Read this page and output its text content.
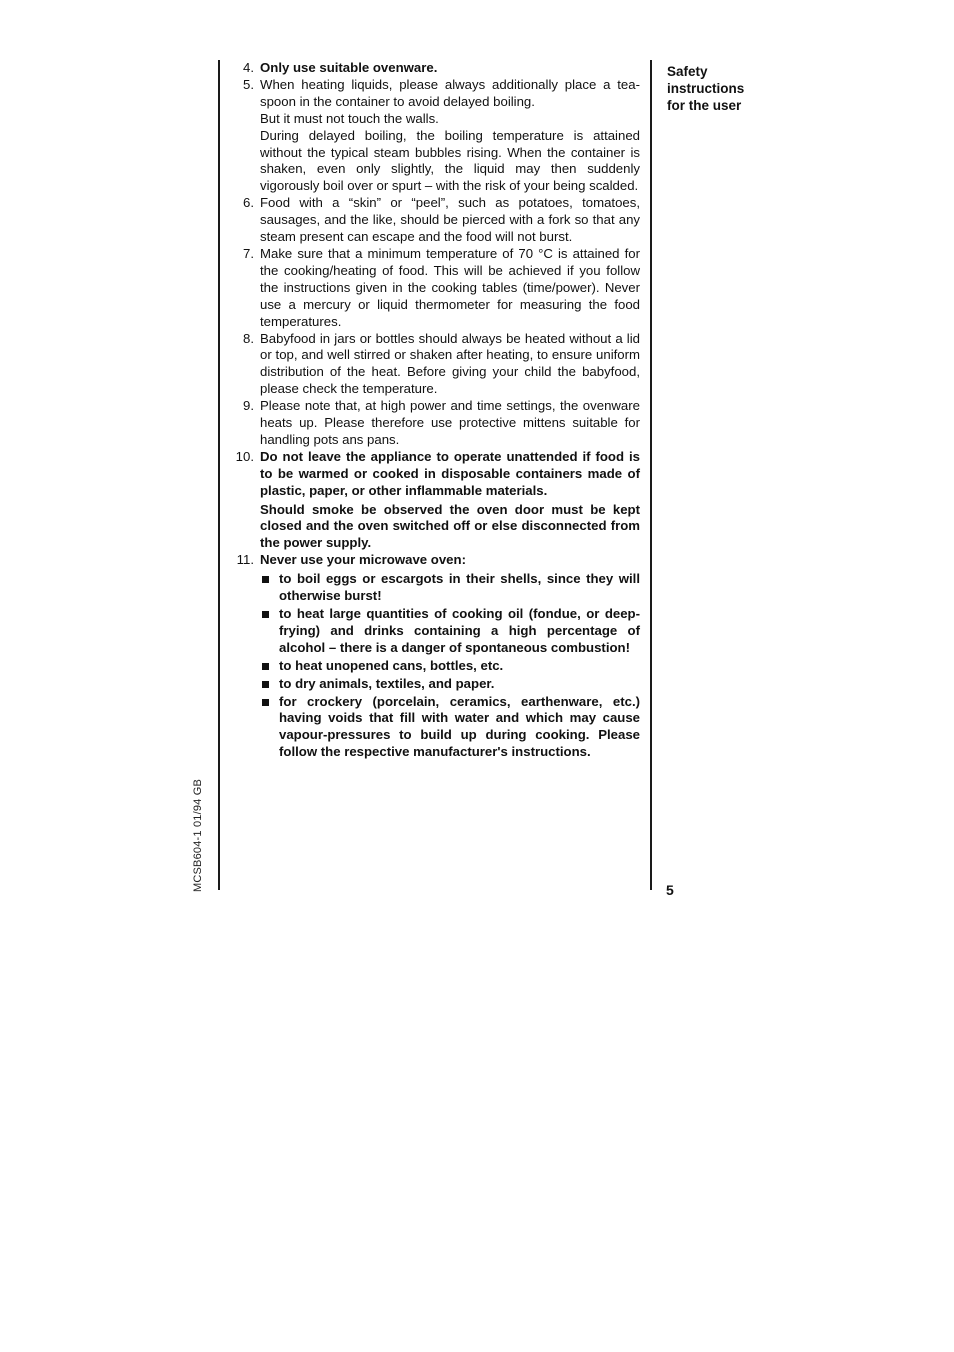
MCSB604-1 01/94 GB
4. Only use suitable ovenware.

5. When heating liquids, please always additionally place a tea-spoon in the container to avoid delayed boiling.

But it must not touch the walls.

During delayed boiling, the boiling temperature is attained without the typical steam bubbles rising. When the container is shaken, even only slightly, the liquid may then suddenly vigorously boil over or spurt – with the risk of your being scalded.

6. Food with a “skin” or “peel”, such as potatoes, tomatoes, sausages, and the like, should be pierced with a fork so that any steam present can escape and the food will not burst.

7. Make sure that a minimum temperature of 70 °C is attained for the cooking/heating of food. This will be achieved if you follow the instructions given in the cooking tables (time/power). Never use a mercury or liquid thermometer for measuring the food temperatures.

8. Babyfood in jars or bottles should always be heated without a lid or top, and well stirred or shaken after heating, to ensure uniform distribution of the heat. Before giving your child the babyfood, please check the temperature.

9. Please note that, at high power and time settings, the ovenware heats up. Please therefore use protective mittens suitable for handling pots ans pans.

10. Do not leave the appliance to operate unattended if food is to be warmed or cooked in disposable containers made of plastic, paper, or other inflammable materials.

Should smoke be observed the oven door must be kept closed and the oven switched off or else disconnected from the power supply.

11. Never use your microwave oven:

to boil eggs or escargots in their shells, since they will otherwise burst!
to heat large quantities of cooking oil (fondue, or deep-frying) and drinks containing a high percentage of alcohol – there is a danger of spontaneous combustion!
to heat unopened cans, bottles, etc.
to dry animals, textiles, and paper.
for crockery (porcelain, ceramics, earthenware, etc.) having voids that fill with water and which may cause vapour-pressures to build up during cooking. Please follow the respective manufacturer's instructions.
Safety
instructions
for the user
5
